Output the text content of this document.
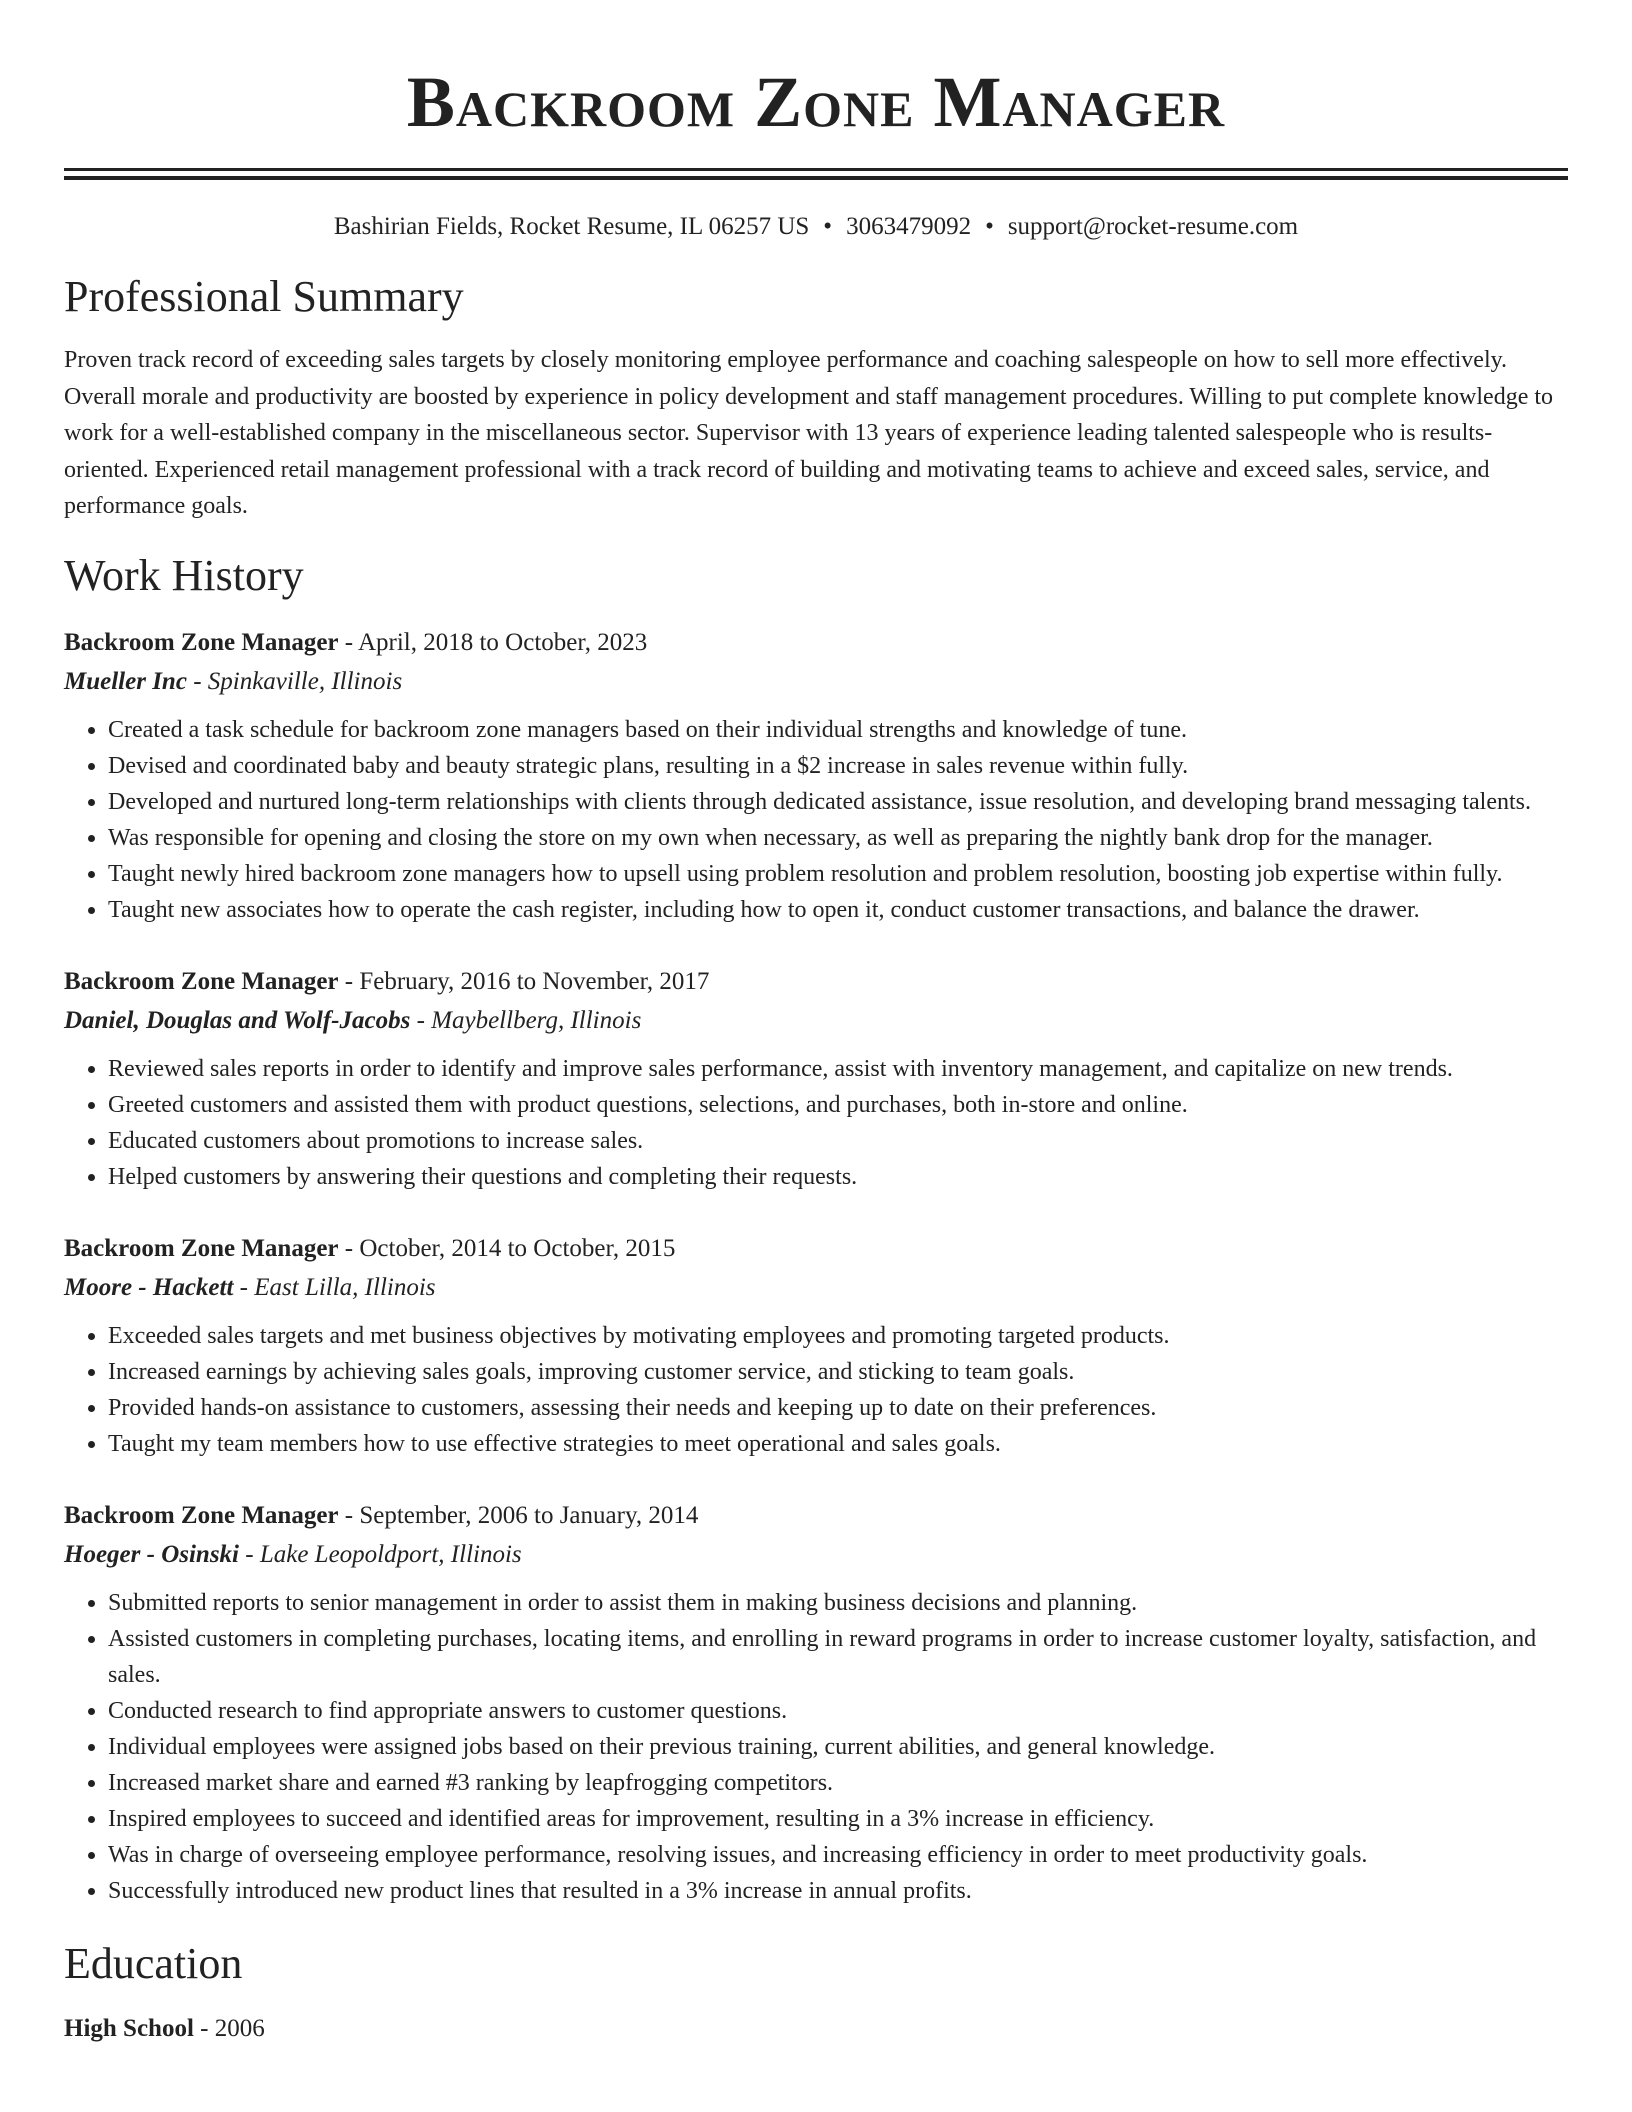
Backroom Zone Manager
Bashirian Fields, Rocket Resume, IL 06257 US • 3063479092 • support@rocket-resume.com
Professional Summary

Proven track record of exceeding sales targets by closely monitoring employee performance and coaching salespeople on how to sell more effectively. Overall morale and productivity are boosted by experience in policy development and staff management procedures. Willing to put complete knowledge to work for a well-established company in the miscellaneous sector. Supervisor with 13 years of experience leading talented salespeople who is results-oriented. Experienced retail management professional with a track record of building and motivating teams to achieve and exceed sales, service, and performance goals.

Work History
Backroom Zone Manager - April, 2018 to October, 2023
Mueller Inc - Spinkaville, Illinois
• Created a task schedule for backroom zone managers based on their individual strengths and knowledge of tune.
• Devised and coordinated baby and beauty strategic plans, resulting in a $2 increase in sales revenue within fully.
• Developed and nurtured long-term relationships with clients through dedicated assistance, issue resolution, and developing brand messaging talents.
• Was responsible for opening and closing the store on my own when necessary, as well as preparing the nightly bank drop for the manager.
• Taught newly hired backroom zone managers how to upsell using problem resolution and problem resolution, boosting job expertise within fully.
• Taught new associates how to operate the cash register, including how to open it, conduct customer transactions, and balance the drawer.
Backroom Zone Manager - February, 2016 to November, 2017
Daniel, Douglas and Wolf-Jacobs - Maybellberg, Illinois
• Reviewed sales reports in order to identify and improve sales performance, assist with inventory management, and capitalize on new trends.
• Greeted customers and assisted them with product questions, selections, and purchases, both in-store and online.
• Educated customers about promotions to increase sales.
• Helped customers by answering their questions and completing their requests.
Backroom Zone Manager - October, 2014 to October, 2015
Moore - Hackett - East Lilla, Illinois
• Exceeded sales targets and met business objectives by motivating employees and promoting targeted products.
• Increased earnings by achieving sales goals, improving customer service, and sticking to team goals.
• Provided hands-on assistance to customers, assessing their needs and keeping up to date on their preferences.
• Taught my team members how to use effective strategies to meet operational and sales goals.
Backroom Zone Manager - September, 2006 to January, 2014
Hoeger - Osinski - Lake Leopoldport, Illinois
• Submitted reports to senior management in order to assist them in making business decisions and planning.
• Assisted customers in completing purchases, locating items, and enrolling in reward programs in order to increase customer loyalty, satisfaction, and sales.
• Conducted research to find appropriate answers to customer questions.
• Individual employees were assigned jobs based on their previous training, current abilities, and general knowledge.
• Increased market share and earned #3 ranking by leapfrogging competitors.
• Inspired employees to succeed and identified areas for improvement, resulting in a 3% increase in efficiency.
• Was in charge of overseeing employee performance, resolving issues, and increasing efficiency in order to meet productivity goals.
• Successfully introduced new product lines that resulted in a 3% increase in annual profits.
Education
High School - 2006
